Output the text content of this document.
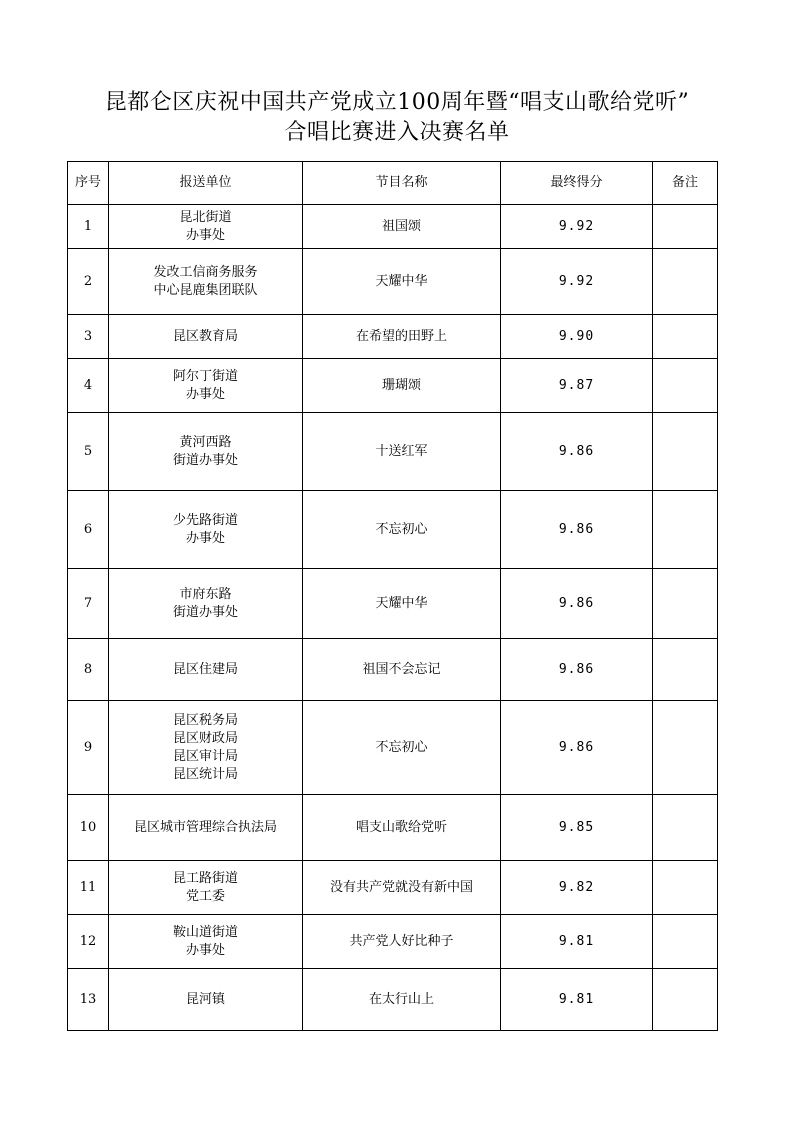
昆都仑区庆祝中国共产党成立100周年暨“唱支山歌给党听”
合唱比赛进入决赛名单
序号	报送单位	节目名称	最终得分	备注
1	昆北街道
办事处	祖国颂	9.92	
2	发改工信商务服务
中心昆鹿集团联队	天耀中华	9.92	
3	昆区教育局	在希望的田野上	9.90	
4	阿尔丁街道
办事处	珊瑚颂	9.87	
5	黄河西路
街道办事处	十送红军	9.86	
6	少先路街道
办事处	不忘初心	9.86	
7	市府东路
街道办事处	天耀中华	9.86	
8	昆区住建局	祖国不会忘记	9.86	
9	昆区税务局
昆区财政局
昆区审计局
昆区统计局	不忘初心	9.86	
10	昆区城市管理综合执法局	唱支山歌给党听	9.85	
11	昆工路街道
党工委	没有共产党就没有新中国	9.82	
12	鞍山道街道
办事处	共产党人好比种子	9.81	
13	昆河镇	在太行山上	9.81	
